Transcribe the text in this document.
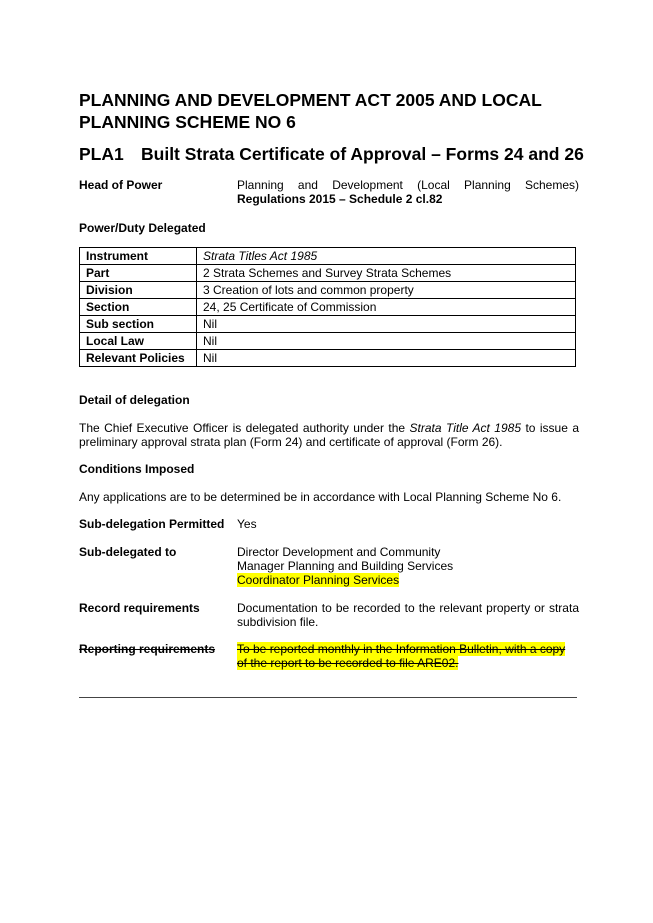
PLANNING AND DEVELOPMENT ACT 2005 AND LOCAL PLANNING SCHEME NO 6
PLA1 Built Strata Certificate of Approval – Forms 24 and 26
Head of Power	Planning and Development (Local Planning Schemes)
Regulations 2015 – Schedule 2 cl.82
Power/Duty Delegated
Instrument	Strata Titles Act 1985
Part	2 Strata Schemes and Survey Strata Schemes
Division	3 Creation of lots and common property
Section	24, 25 Certificate of Commission
Sub section	Nil
Local Law	Nil
Relevant Policies	Nil
Detail of delegation
The Chief Executive Officer is delegated authority under the Strata Title Act 1985 to issue a preliminary approval strata plan (Form 24) and certificate of approval (Form 26).
Conditions Imposed
Any applications are to be determined be in accordance with Local Planning Scheme No 6.
Sub-delegation Permitted Yes
Sub-delegated to	Director Development and Community
Manager Planning and Building Services
Coordinator Planning Services
Record requirements	Documentation to be recorded to the relevant property or strata subdivision file.
Reporting requirements To be reported monthly in the Information Bulletin, with a copy
of the report to be recorded to file ARE02.
